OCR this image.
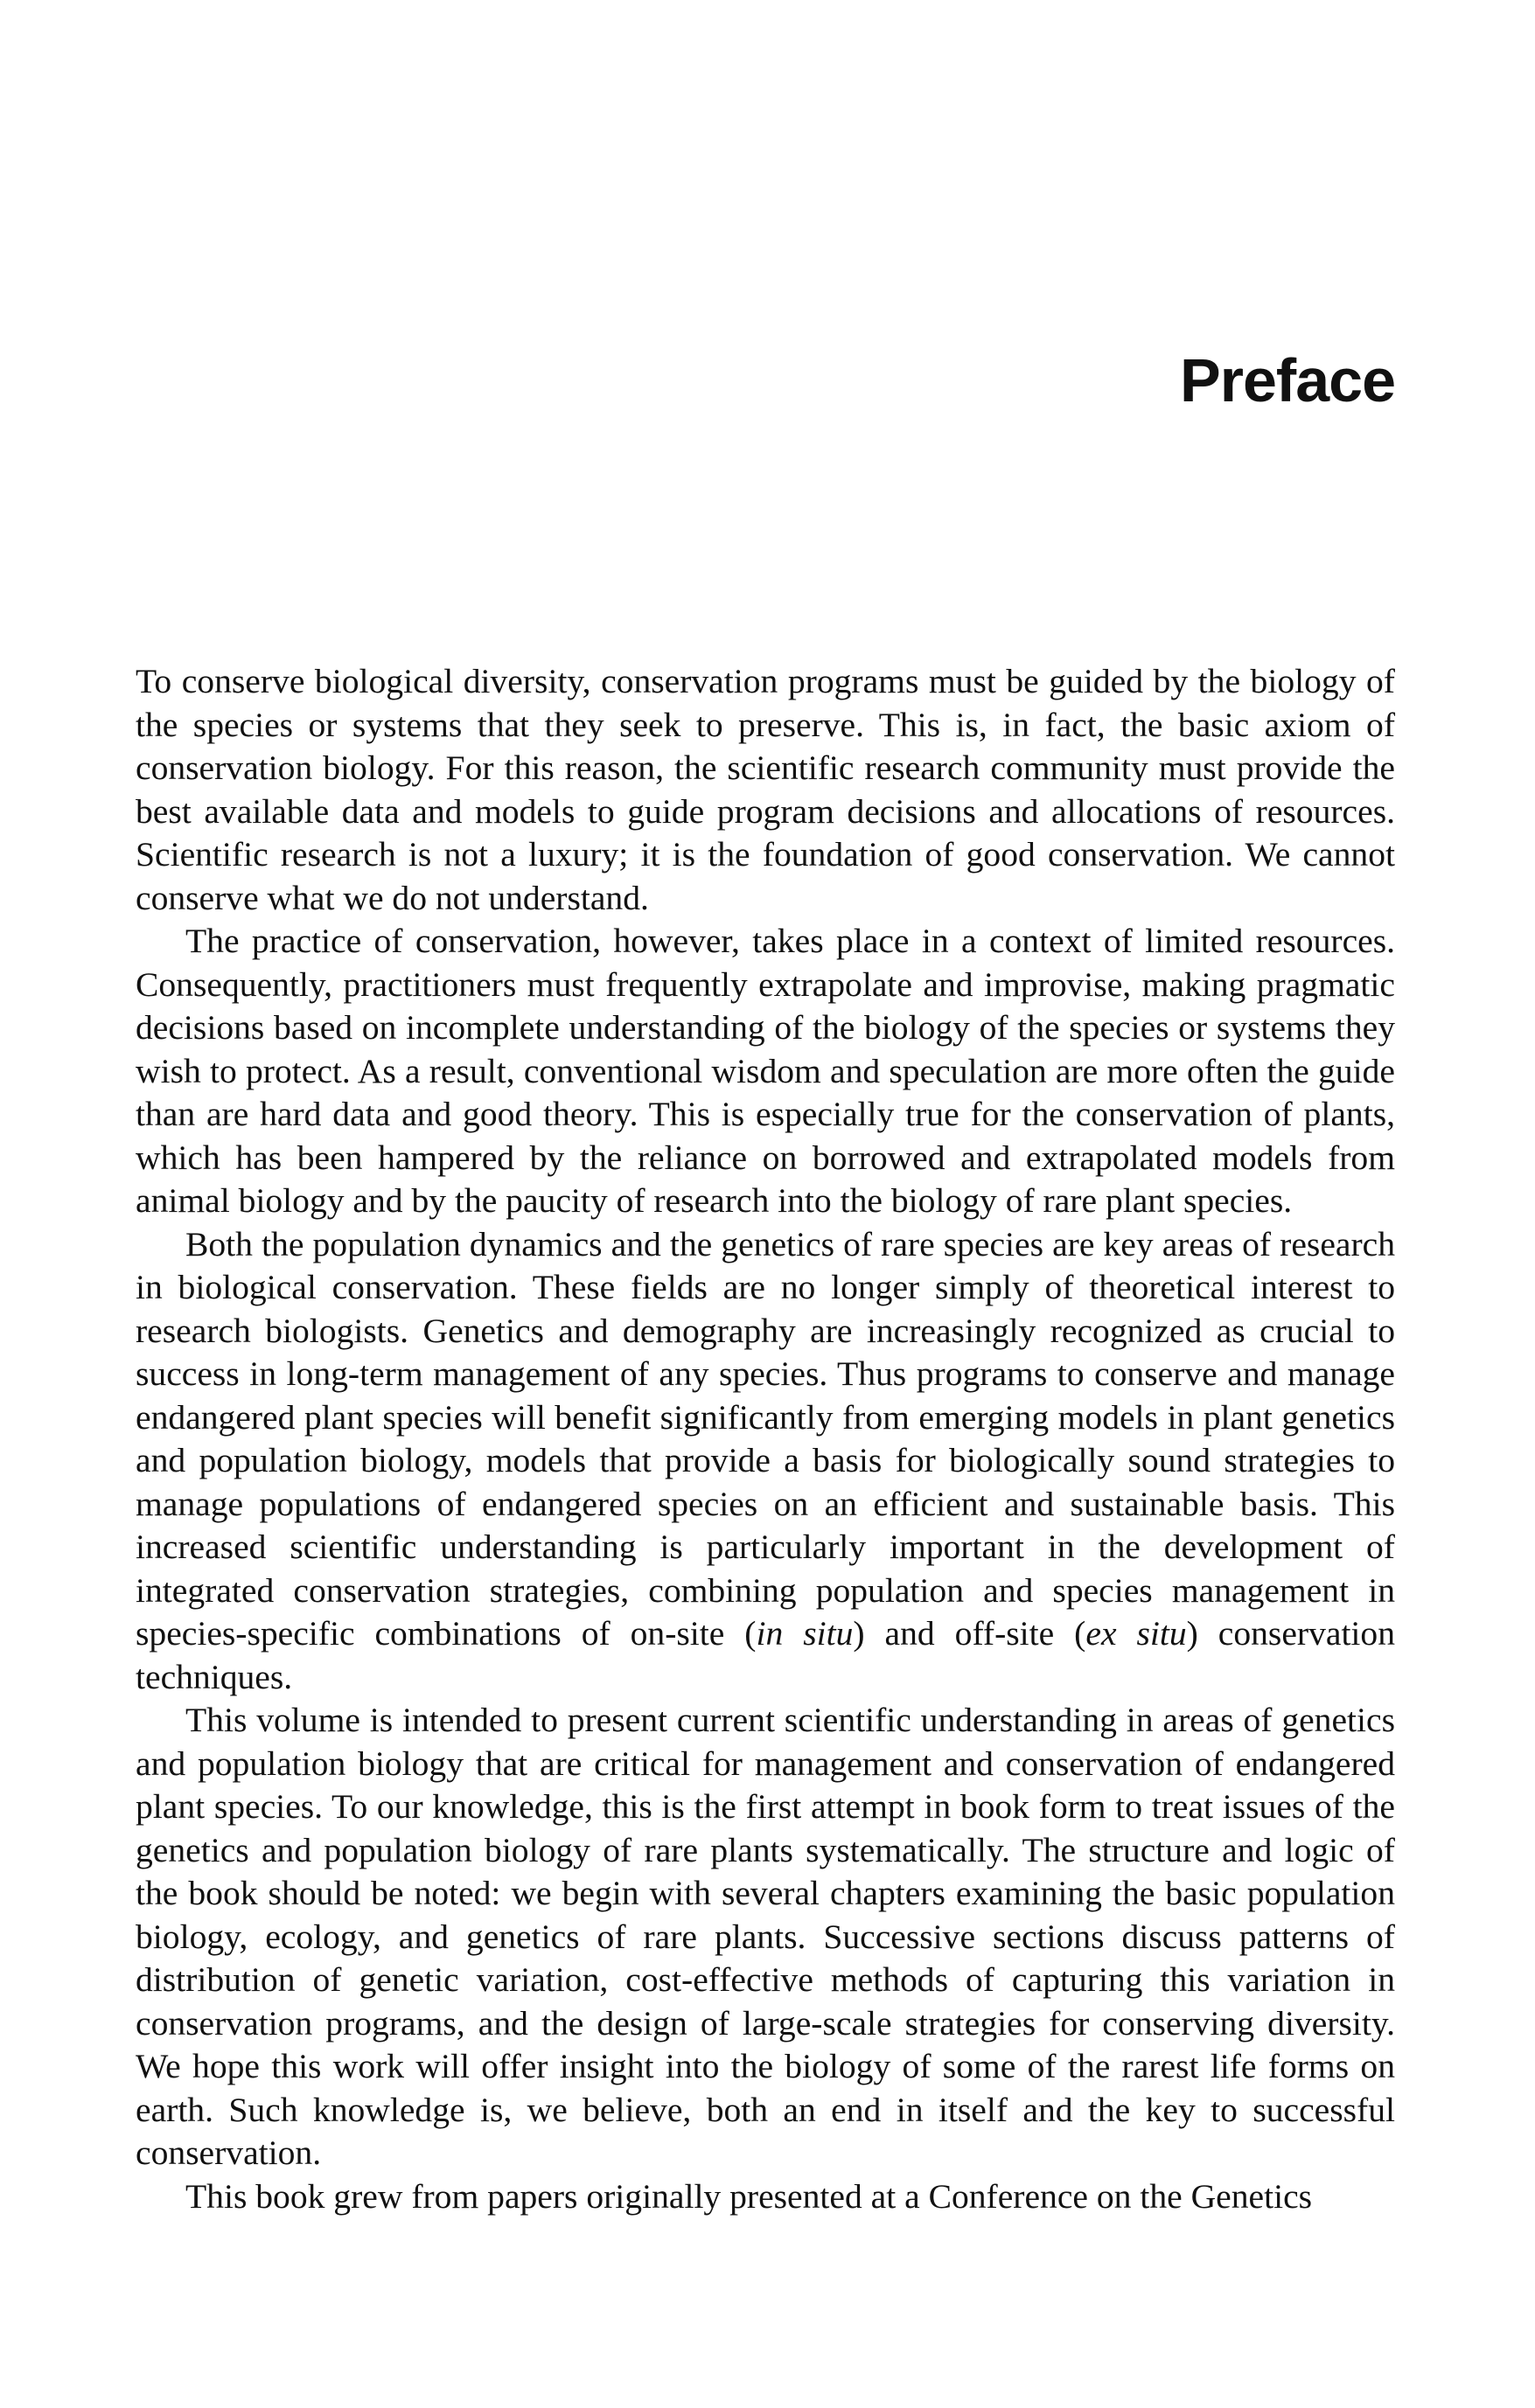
Preface

To conserve biological diversity, conservation programs must be guided by the biology of the species or systems that they seek to preserve. This is, in fact, the basic axiom of conservation biology. For this reason, the scientific research community must provide the best available data and models to guide program decisions and allocations of resources. Scientific research is not a luxury; it is the foundation of good conservation. We cannot conserve what we do not understand.

The practice of conservation, however, takes place in a context of limited resources. Consequently, practitioners must frequently extrapolate and improvise, making pragmatic decisions based on incomplete understanding of the biology of the species or systems they wish to protect. As a result, conventional wisdom and speculation are more often the guide than are hard data and good theory. This is especially true for the conservation of plants, which has been hampered by the reliance on borrowed and extrapolated models from animal biology and by the paucity of research into the biology of rare plant species.

Both the population dynamics and the genetics of rare species are key areas of research in biological conservation. These fields are no longer simply of theoretical interest to research biologists. Genetics and demography are increasingly recognized as crucial to success in long-term management of any species. Thus programs to conserve and manage endangered plant species will benefit significantly from emerging models in plant genetics and population biology, models that provide a basis for biologically sound strategies to manage populations of endangered species on an efficient and sustainable basis. This increased scientific understanding is particularly important in the development of integrated conservation strategies, combining population and species management in species-specific combinations of on-site (in situ) and off-site (ex situ) conservation techniques.

This volume is intended to present current scientific understanding in areas of genetics and population biology that are critical for management and conservation of endangered plant species. To our knowledge, this is the first attempt in book form to treat issues of the genetics and population biology of rare plants systematically. The structure and logic of the book should be noted: we begin with several chapters examining the basic population biology, ecology, and genetics of rare plants. Successive sections discuss patterns of distribution of genetic variation, cost-effective methods of capturing this variation in conservation programs, and the design of large-scale strategies for conserving diversity. We hope this work will offer insight into the biology of some of the rarest life forms on earth. Such knowledge is, we believe, both an end in itself and the key to successful conservation.

This book grew from papers originally presented at a Conference on the Genetics
